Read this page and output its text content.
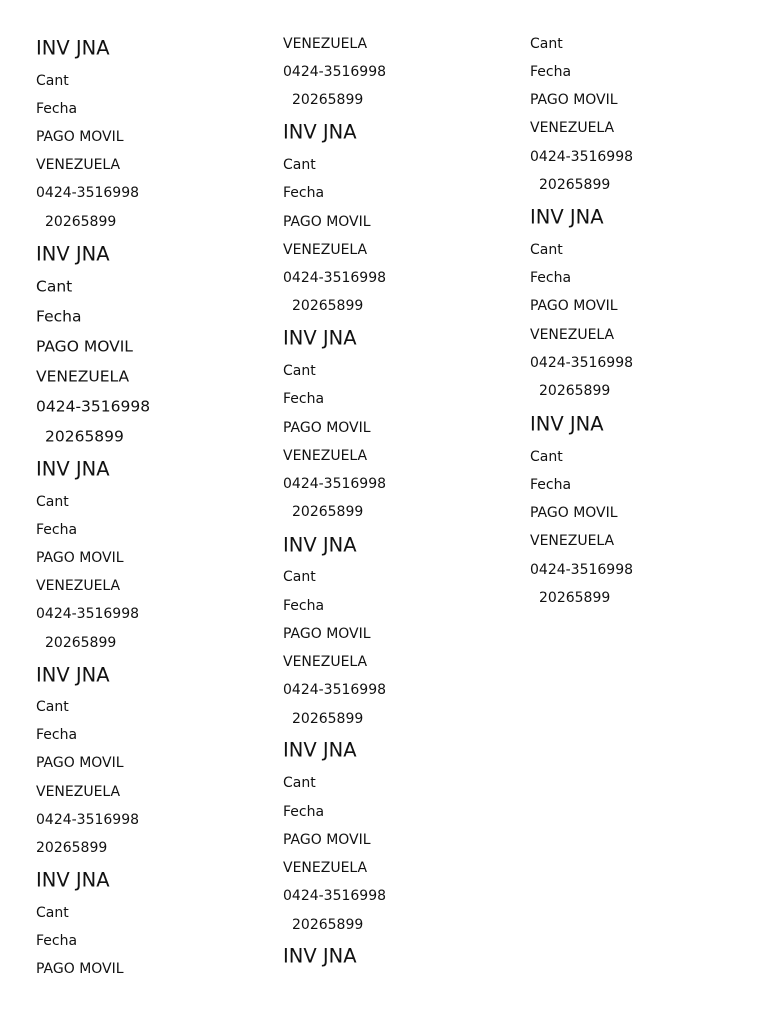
INV JNA
Cant
Fecha
PAGO MOVIL
VENEZUELA
0424-3516998
20265899
INV JNA
Cant
Fecha
PAGO MOVIL
VENEZUELA
0424-3516998
20265899
INV JNA
Cant
Fecha
PAGO MOVIL
VENEZUELA
0424-3516998
20265899
INV JNA
Cant
Fecha
PAGO MOVIL
VENEZUELA
0424-3516998
20265899
INV JNA
Cant
Fecha
PAGO MOVIL
VENEZUELA
0424-3516998
20265899
INV JNA
Cant
Fecha
PAGO MOVIL
VENEZUELA
0424-3516998
20265899
INV JNA
Cant
Fecha
PAGO MOVIL
VENEZUELA
0424-3516998
20265899
INV JNA
Cant
Fecha
PAGO MOVIL
VENEZUELA
0424-3516998
20265899
INV JNA
Cant
Fecha
PAGO MOVIL
VENEZUELA
0424-3516998
20265899
INV JNA
Cant
Fecha
PAGO MOVIL
VENEZUELA
0424-3516998
20265899
INV JNA
Cant
Fecha
PAGO MOVIL
VENEZUELA
0424-3516998
20265899
INV JNA
Cant
Fecha
PAGO MOVIL
VENEZUELA
0424-3516998
20265899
